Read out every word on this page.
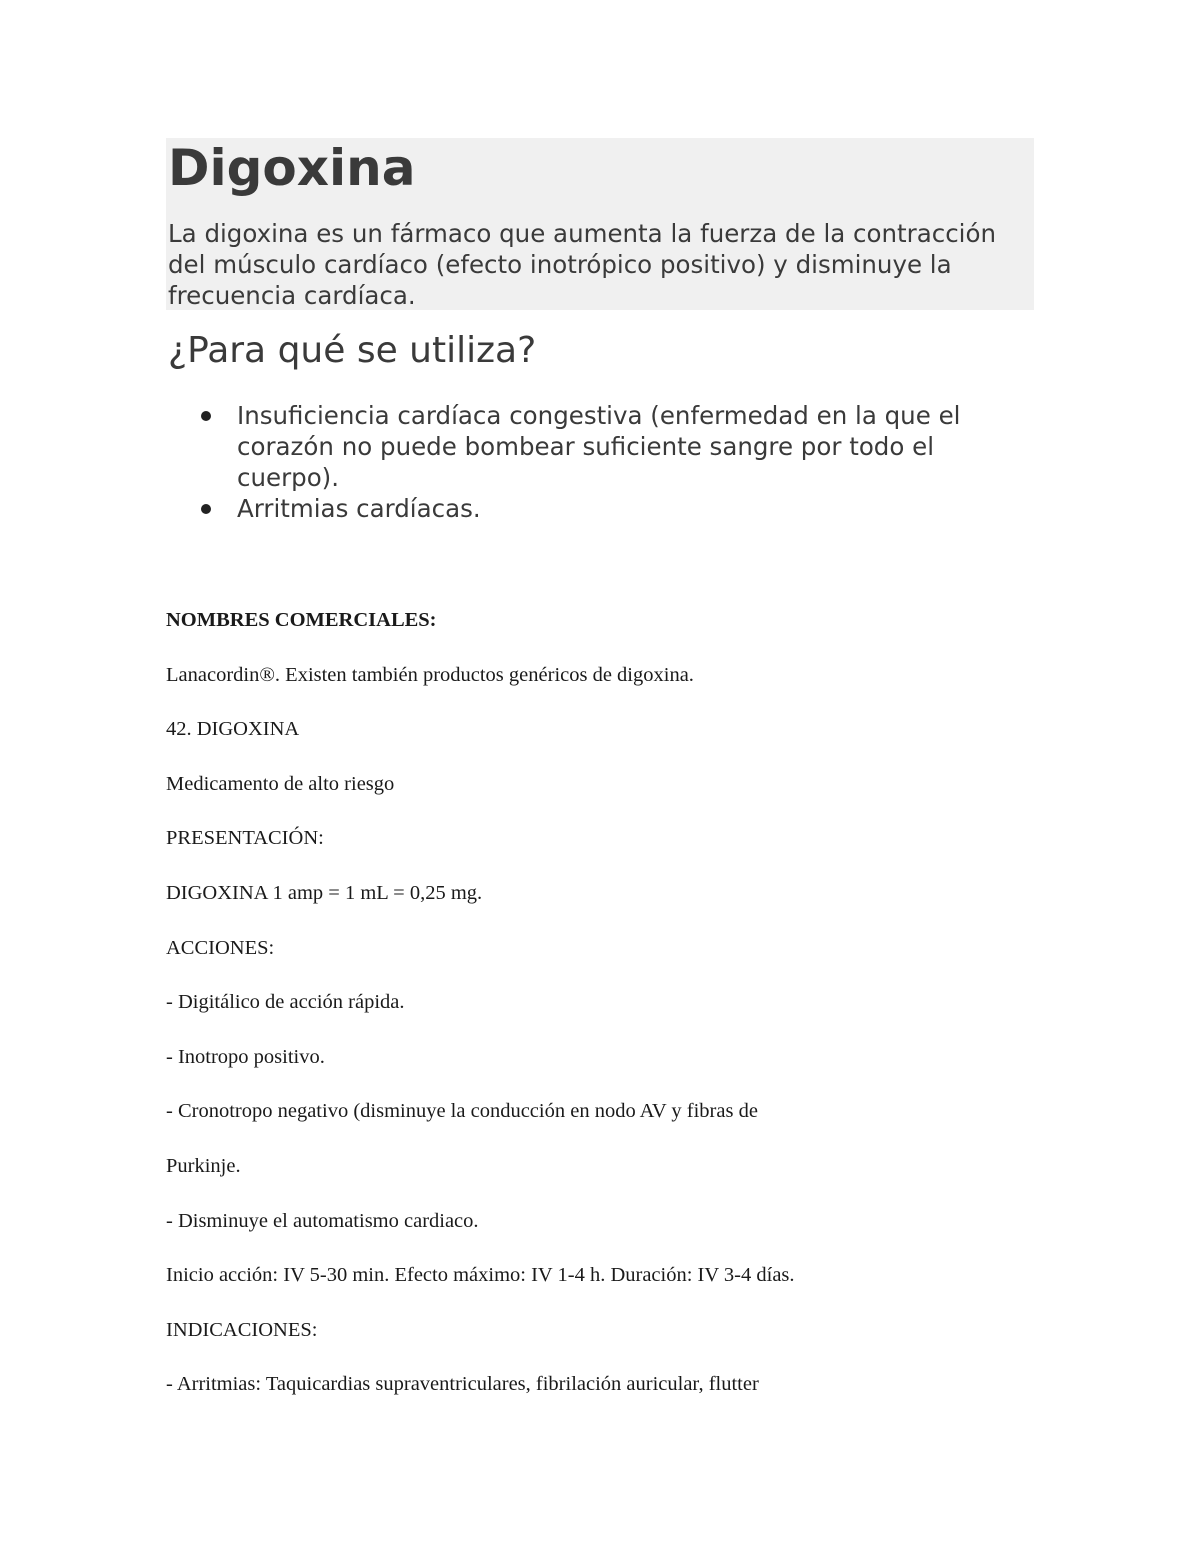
Digoxina

La digoxina es un fármaco que aumenta la fuerza de la contracción del músculo cardíaco (efecto inotrópico positivo) y disminuye la frecuencia cardíaca.

¿Para qué se utiliza?
Insuficiencia cardíaca congestiva (enfermedad en la que el corazón no puede bombear suficiente sangre por todo el cuerpo).
Arritmias cardíacas.

NOMBRES COMERCIALES:

Lanacordin®. Existen también productos genéricos de digoxina.

42. DIGOXINA

Medicamento de alto riesgo

PRESENTACIÓN:

DIGOXINA 1 amp = 1 mL = 0,25 mg.

ACCIONES:

- Digitálico de acción rápida.

- Inotropo positivo.

- Cronotropo negativo (disminuye la conducción en nodo AV y fibras de

Purkinje.

- Disminuye el automatismo cardiaco.

Inicio acción: IV 5-30 min. Efecto máximo: IV 1-4 h. Duración: IV 3-4 días.

INDICACIONES:

- Arritmias: Taquicardias supraventriculares, fibrilación auricular, flutter
